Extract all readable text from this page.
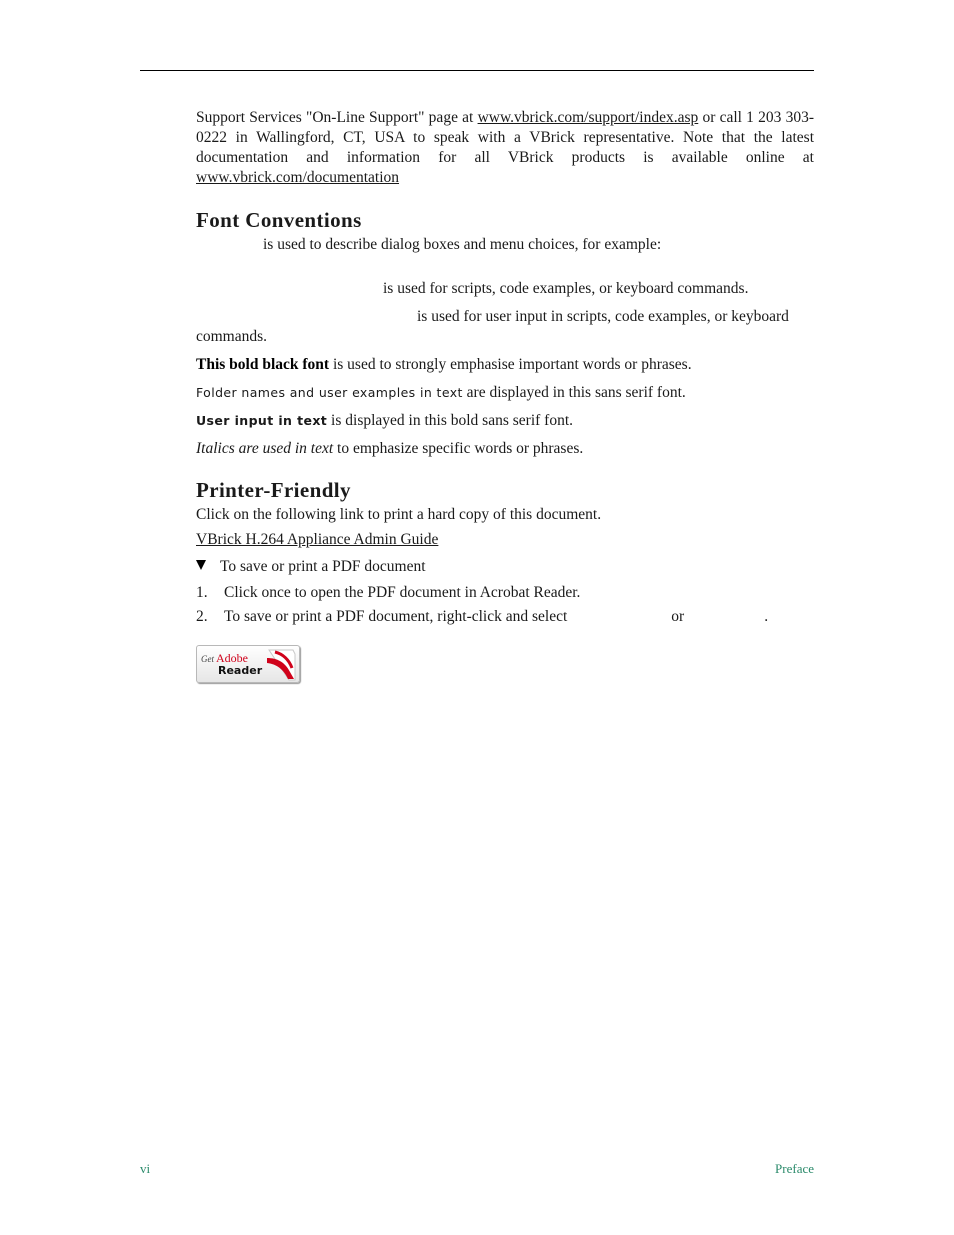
Support Services "On-Line Support" page at www.vbrick.com/support/index.asp or call 1 203 303-0222 in Wallingford, CT, USA to speak with a VBrick representative. Note that the latest documentation and information for all VBrick products is available online at www.vbrick.com/documentation

Font Conventions

is used to describe dialog boxes and menu choices, for example:

is used for scripts, code examples, or keyboard commands.

is used for user input in scripts, code examples, or keyboard

commands.

This bold black font is used to strongly emphasise important words or phrases.

Folder names and user examples in text are displayed in this sans serif font.

User input in text is displayed in this bold sans serif font.

Italics are used in text to emphasize specific words or phrases.

Printer-Friendly

Click on the following link to print a hard copy of this document.

VBrick H.264 Appliance Admin Guide

To save or print a PDF document

1.	Click once to open the PDF document in Acrobat Reader.
2.	To save or print a PDF document, right-click and select	or	.
Get Adobe
Reader
vi	Preface
